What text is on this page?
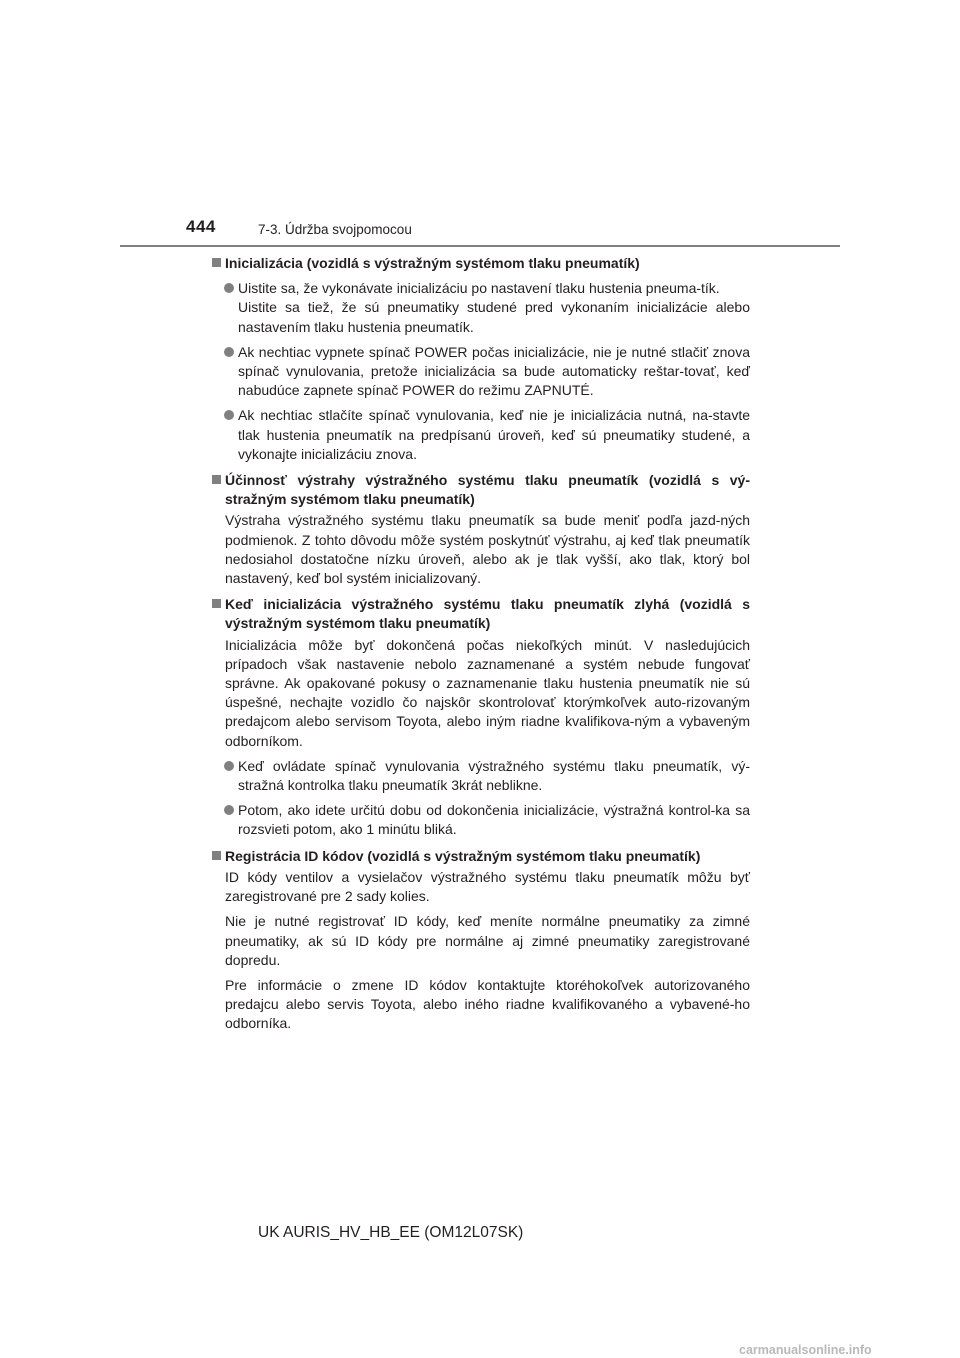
444	7-3. Údržba svojpomocou
Inicializácia (vozidlá s výstražným systémom tlaku pneumatík)
Uistite sa, že vykonávate inicializáciu po nastavení tlaku hustenia pneuma-tík.
Uistite sa tiež, že sú pneumatiky studené pred vykonaním inicializácie alebo nastavením tlaku hustenia pneumatík.
Ak nechtiac vypnete spínač POWER počas inicializácie, nie je nutné stlačiť znova spínač vynulovania, pretože inicializácia sa bude automaticky reštar-tovať, keď nabudúce zapnete spínač POWER do režimu ZAPNUTÉ.
Ak nechtiac stlačíte spínač vynulovania, keď nie je inicializácia nutná, na-stavte tlak hustenia pneumatík na predpísanú úroveň, keď sú pneumatiky studené, a vykonajte inicializáciu znova.
Účinnosť výstrahy výstražného systému tlaku pneumatík (vozidlá s vý-stražným systémom tlaku pneumatík)
Výstraha výstražného systému tlaku pneumatík sa bude meniť podľa jazd-ných podmienok. Z tohto dôvodu môže systém poskytnúť výstrahu, aj keď tlak pneumatík nedosiahol dostatočne nízku úroveň, alebo ak je tlak vyšší, ako tlak, ktorý bol nastavený, keď bol systém inicializovaný.
Keď inicializácia výstražného systému tlaku pneumatík zlyhá (vozidlá s výstražným systémom tlaku pneumatík)
Inicializácia môže byť dokončená počas niekoľkých minút. V nasledujúcich prípadoch však nastavenie nebolo zaznamenané a systém nebude fungovať správne. Ak opakované pokusy o zaznamenanie tlaku hustenia pneumatík nie sú úspešné, nechajte vozidlo čo najskôr skontrolovať ktorýmkoľvek auto-rizovaným predajcom alebo servisom Toyota, alebo iným riadne kvalifikova-ným a vybaveným odborníkom.
Keď ovládate spínač vynulovania výstražného systému tlaku pneumatík, vý-stražná kontrolka tlaku pneumatík 3krát neblikne.
Potom, ako idete určitú dobu od dokončenia inicializácie, výstražná kontrol-ka sa rozsvieti potom, ako 1 minútu bliká.
Registrácia ID kódov (vozidlá s výstražným systémom tlaku pneumatík)
ID kódy ventilov a vysielačov výstražného systému tlaku pneumatík môžu byť zaregistrované pre 2 sady kolies.
Nie je nutné registrovať ID kódy, keď meníte normálne pneumatiky za zimné pneumatiky, ak sú ID kódy pre normálne aj zimné pneumatiky zaregistrované dopredu.
Pre informácie o zmene ID kódov kontaktujte ktoréhokoľvek autorizovaného predajcu alebo servis Toyota, alebo iného riadne kvalifikovaného a vybavené-ho odborníka.
UK AURIS_HV_HB_EE (OM12L07SK)
carmanualsonline.info
